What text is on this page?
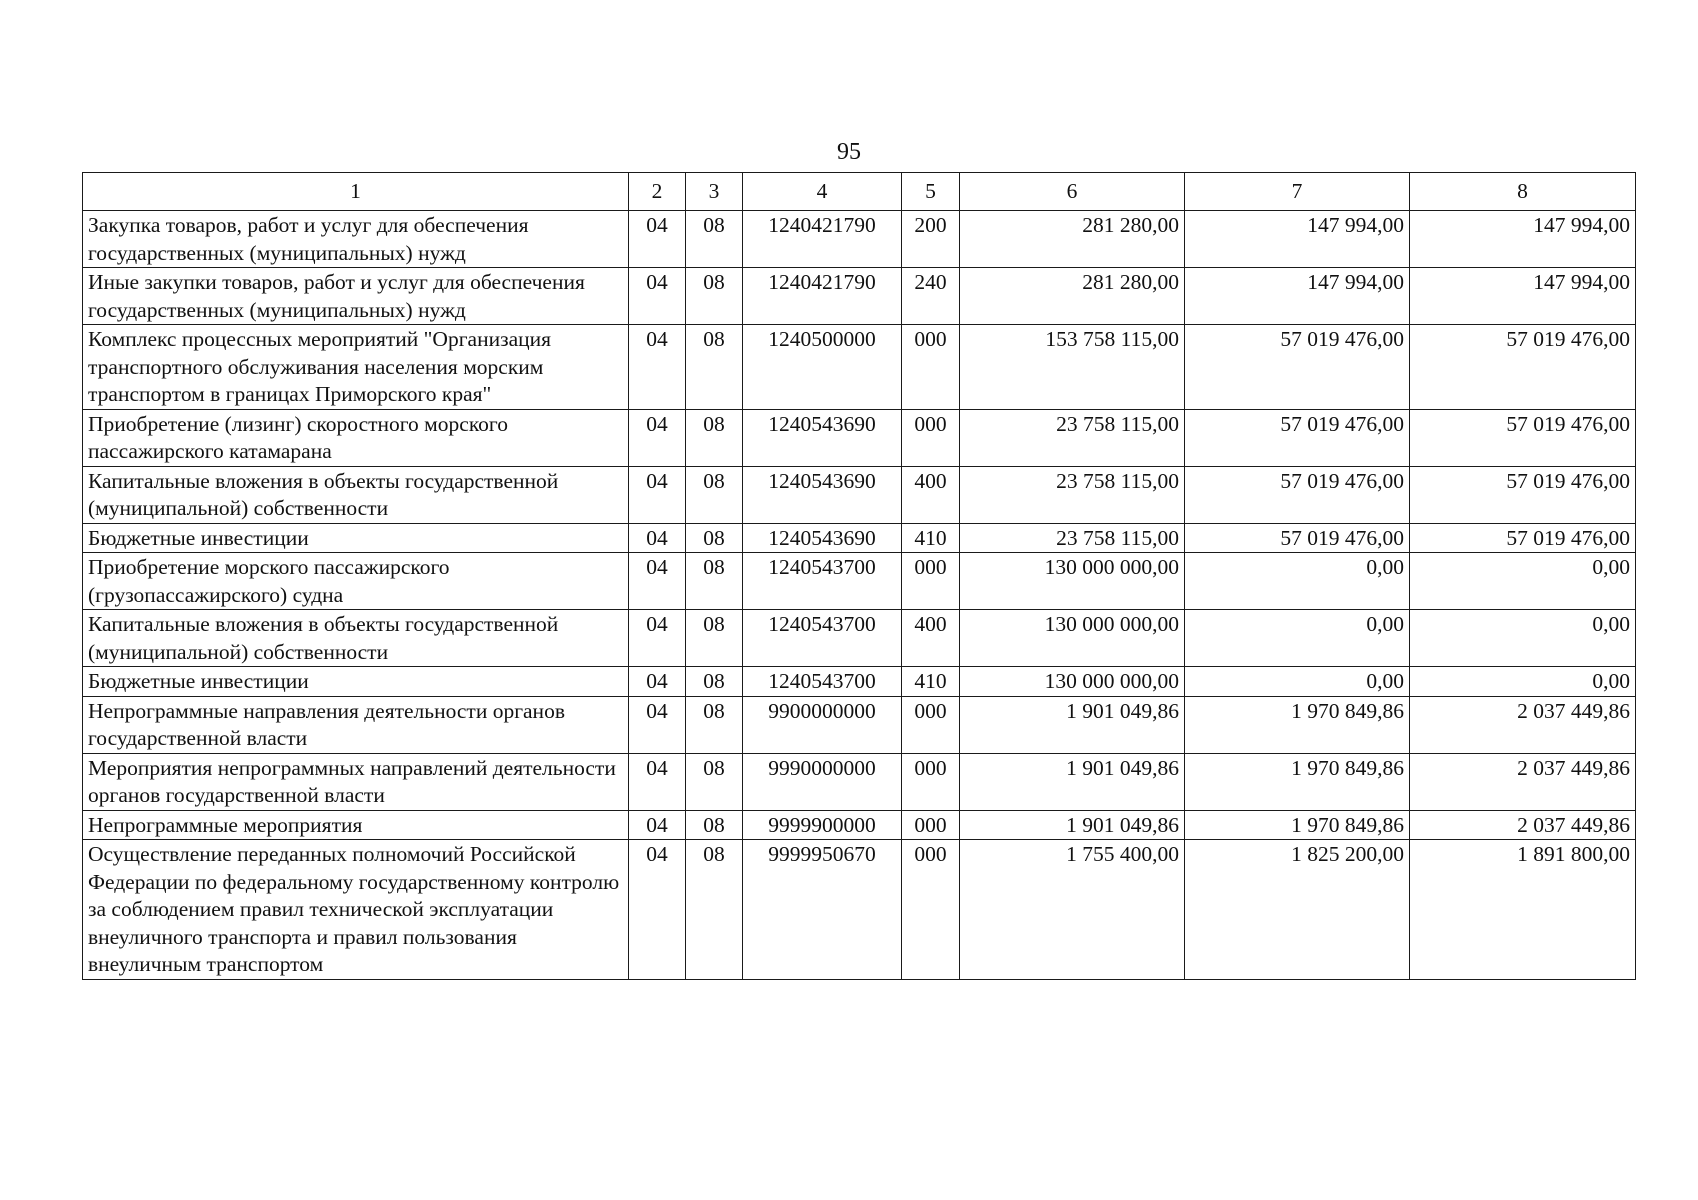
95
1	2	3	4	5	6	7	8
Закупка товаров, работ и услуг для обеспечения государственных (муниципальных) нужд	04	08	1240421790	200	281 280,00	147 994,00	147 994,00
Иные закупки товаров, работ и услуг для обеспечения государственных (муниципальных) нужд	04	08	1240421790	240	281 280,00	147 994,00	147 994,00
Комплекс процессных мероприятий "Организация транспортного обслуживания населения морским транспортом в границах Приморского края"	04	08	1240500000	000	153 758 115,00	57 019 476,00	57 019 476,00
Приобретение (лизинг) скоростного морского пассажирского катамарана	04	08	1240543690	000	23 758 115,00	57 019 476,00	57 019 476,00
Капитальные вложения в объекты государственной (муниципальной) собственности	04	08	1240543690	400	23 758 115,00	57 019 476,00	57 019 476,00
Бюджетные инвестиции	04	08	1240543690	410	23 758 115,00	57 019 476,00	57 019 476,00
Приобретение морского пассажирского (грузопассажирского) судна	04	08	1240543700	000	130 000 000,00	0,00	0,00
Капитальные вложения в объекты государственной (муниципальной) собственности	04	08	1240543700	400	130 000 000,00	0,00	0,00
Бюджетные инвестиции	04	08	1240543700	410	130 000 000,00	0,00	0,00
Непрограммные направления деятельности органов государственной власти	04	08	9900000000	000	1 901 049,86	1 970 849,86	2 037 449,86
Мероприятия непрограммных направлений деятельности органов государственной власти	04	08	9990000000	000	1 901 049,86	1 970 849,86	2 037 449,86
Непрограммные мероприятия	04	08	9999900000	000	1 901 049,86	1 970 849,86	2 037 449,86
Осуществление переданных полномочий Российской Федерации по федеральному государственному контролю за соблюдением правил технической эксплуатации внеуличного транспорта и правил пользования внеуличным транспортом	04	08	9999950670	000	1 755 400,00	1 825 200,00	1 891 800,00
